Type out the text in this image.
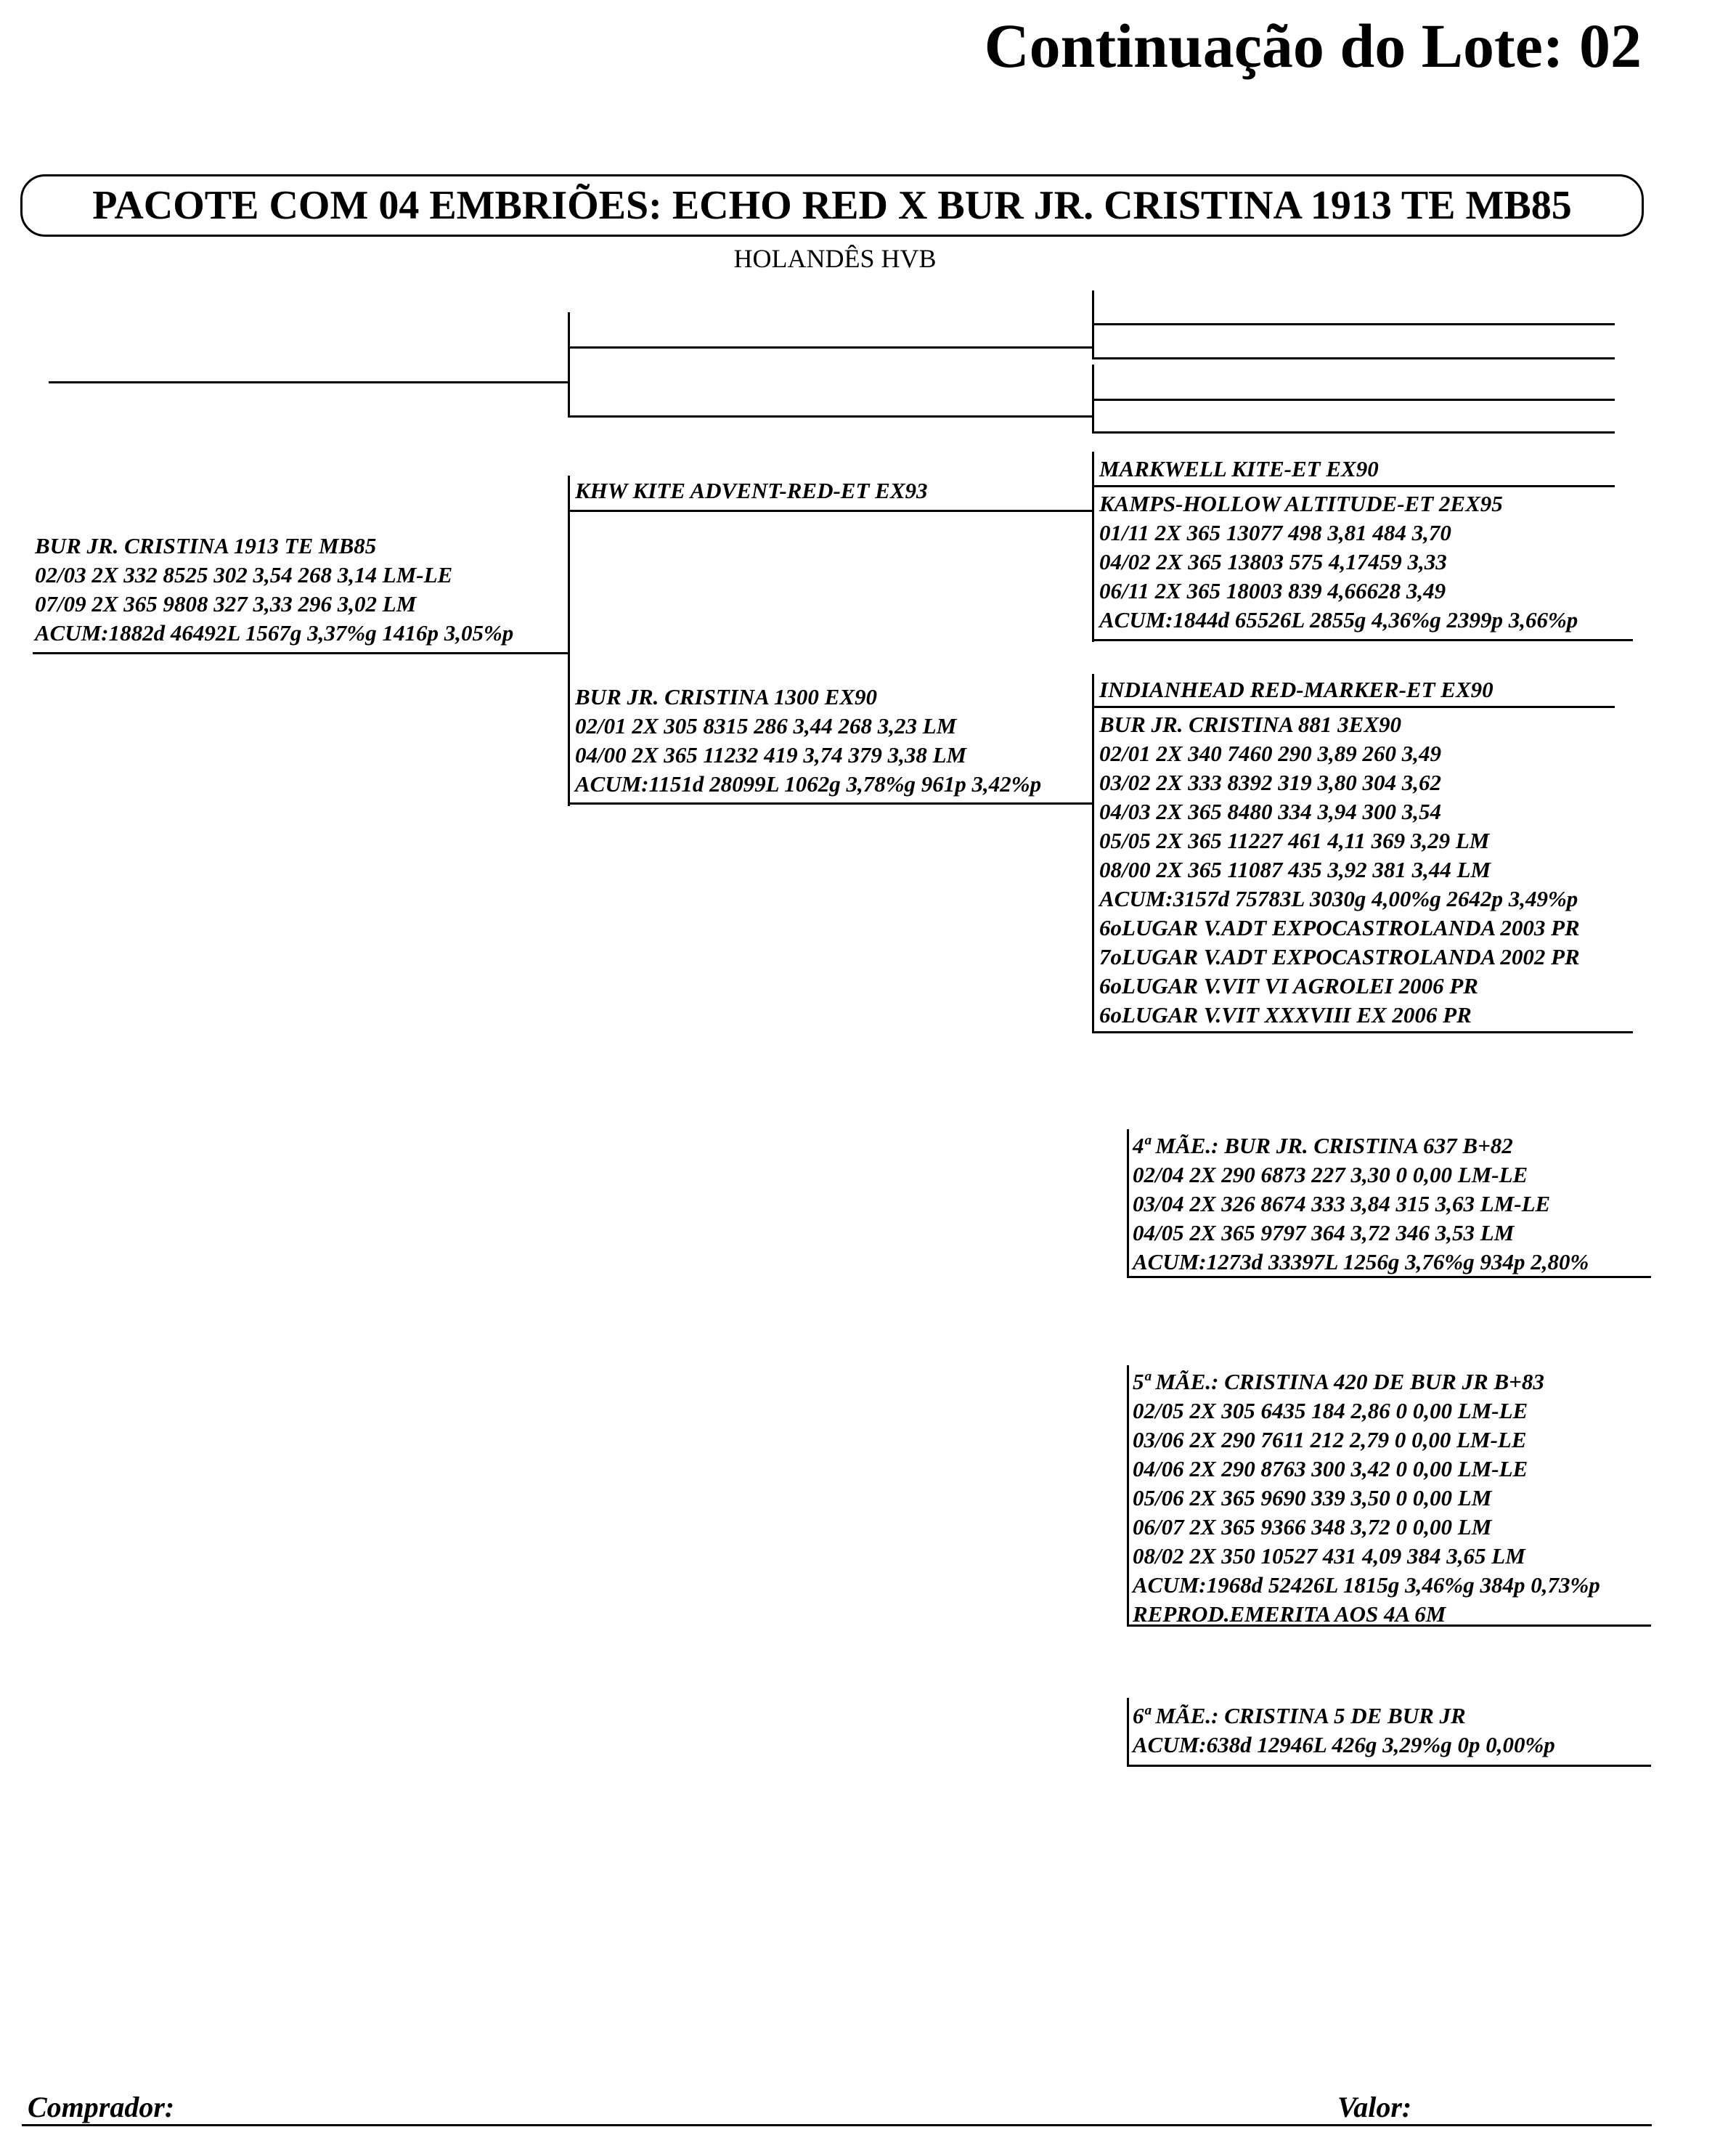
Continuação do Lote: 02
PACOTE COM 04 EMBRIÕES: ECHO RED X BUR JR. CRISTINA 1913 TE MB85
HOLANDÊS HVB
BUR JR. CRISTINA 1913 TE MB85
02/03 2X 332 8525 302 3,54 268 3,14 LM-LE
07/09 2X 365 9808 327 3,33 296 3,02 LM
ACUM:1882d 46492L 1567g 3,37%g 1416p 3,05%p
KHW KITE ADVENT-RED-ET EX93
BUR JR. CRISTINA 1300 EX90
02/01 2X 305 8315 286 3,44 268 3,23 LM
04/00 2X 365 11232 419 3,74 379 3,38 LM
ACUM:1151d 28099L 1062g 3,78%g 961p 3,42%p
MARKWELL KITE-ET EX90
KAMPS-HOLLOW ALTITUDE-ET 2EX95
01/11 2X 365 13077 498 3,81 484 3,70
04/02 2X 365 13803 575 4,17459 3,33
06/11 2X 365 18003 839 4,66628 3,49
ACUM:1844d 65526L 2855g 4,36%g 2399p 3,66%p
INDIANHEAD RED-MARKER-ET EX90
BUR JR. CRISTINA 881 3EX90
02/01 2X 340 7460 290 3,89 260 3,49
03/02 2X 333 8392 319 3,80 304 3,62
04/03 2X 365 8480 334 3,94 300 3,54
05/05 2X 365 11227 461 4,11 369 3,29 LM
08/00 2X 365 11087 435 3,92 381 3,44 LM
ACUM:3157d 75783L 3030g 4,00%g 2642p 3,49%p
6oLUGAR V.ADT EXPOCASTROLANDA 2003 PR
7oLUGAR V.ADT EXPOCASTROLANDA 2002 PR
6oLUGAR V.VIT VI AGROLEI 2006 PR
6oLUGAR V.VIT XXXVIII EX 2006 PR
4ª MÃE.: BUR JR. CRISTINA 637 B+82
02/04 2X 290 6873 227 3,30 0 0,00 LM-LE
03/04 2X 326 8674 333 3,84 315 3,63 LM-LE
04/05 2X 365 9797 364 3,72 346 3,53 LM
ACUM:1273d 33397L 1256g 3,76%g 934p 2,80%
5ª MÃE.: CRISTINA 420 DE BUR JR B+83
02/05 2X 305 6435 184 2,86 0 0,00 LM-LE
03/06 2X 290 7611 212 2,79 0 0,00 LM-LE
04/06 2X 290 8763 300 3,42 0 0,00 LM-LE
05/06 2X 365 9690 339 3,50 0 0,00 LM
06/07 2X 365 9366 348 3,72 0 0,00 LM
08/02 2X 350 10527 431 4,09 384 3,65 LM
ACUM:1968d 52426L 1815g 3,46%g 384p 0,73%p
REPROD.EMERITA AOS 4A 6M
6ª MÃE.: CRISTINA 5 DE BUR JR
ACUM:638d 12946L 426g 3,29%g 0p 0,00%p
Comprador:	Valor:
